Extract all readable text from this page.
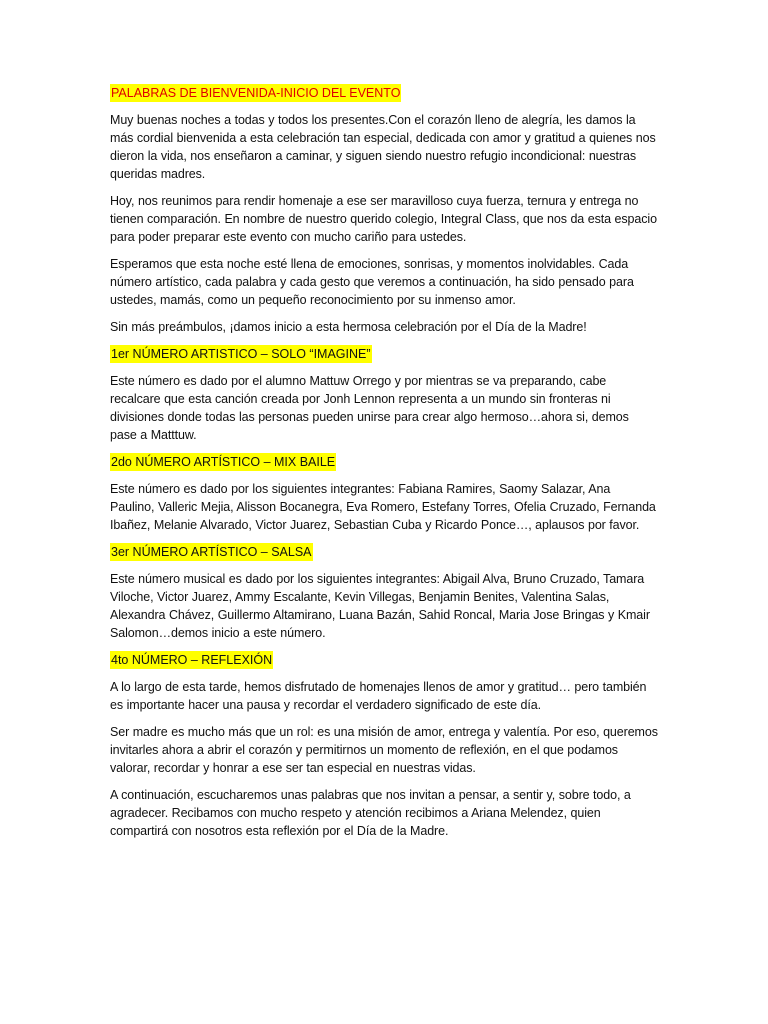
PALABRAS DE BIENVENIDA-INICIO DEL EVENTO

Muy buenas noches a todas y todos los presentes.Con el corazón lleno de alegría, les damos la más cordial bienvenida a esta celebración tan especial, dedicada con amor y gratitud a quienes nos dieron la vida, nos enseñaron a caminar, y siguen siendo nuestro refugio incondicional: nuestras queridas madres.

Hoy, nos reunimos para rendir homenaje a ese ser maravilloso cuya fuerza, ternura y entrega no tienen comparación. En nombre de nuestro querido colegio, Integral Class, que nos da esta espacio para poder preparar este evento con mucho cariño para ustedes.

Esperamos que esta noche esté llena de emociones, sonrisas, y momentos inolvidables. Cada número artístico, cada palabra y cada gesto que veremos a continuación, ha sido pensado para ustedes, mamás, como un pequeño reconocimiento por su inmenso amor.

Sin más preámbulos, ¡damos inicio a esta hermosa celebración por el Día de la Madre!

1er NÚMERO ARTISTICO – SOLO “IMAGINE”

Este número es dado por el alumno Mattuw Orrego y por mientras se va preparando, cabe recalcare que esta canción creada por Jonh Lennon representa a un mundo sin fronteras ni divisiones donde todas las personas pueden unirse para crear algo hermoso…ahora si, demos pase a Matttuw.

2do NÚMERO ARTÍSTICO – MIX BAILE

Este número es dado por los siguientes integrantes: Fabiana Ramires, Saomy Salazar, Ana Paulino, Valleric Mejia, Alisson Bocanegra, Eva Romero, Estefany Torres, Ofelia Cruzado, Fernanda Ibañez, Melanie Alvarado, Victor Juarez, Sebastian Cuba y Ricardo Ponce…, aplausos por favor.

3er NÚMERO ARTÍSTICO – SALSA

Este número musical es dado por los siguientes integrantes: Abigail Alva, Bruno Cruzado, Tamara Viloche, Victor Juarez, Ammy Escalante, Kevin Villegas, Benjamin Benites, Valentina Salas, Alexandra Chávez, Guillermo Altamirano, Luana Bazán, Sahid Roncal, Maria Jose Bringas y Kmair Salomon…demos inicio a este número.

4to NÚMERO – REFLEXIÓN

A lo largo de esta tarde, hemos disfrutado de homenajes llenos de amor y gratitud… pero también es importante hacer una pausa y recordar el verdadero significado de este día.

Ser madre es mucho más que un rol: es una misión de amor, entrega y valentía. Por eso, queremos invitarles ahora a abrir el corazón y permitirnos un momento de reflexión, en el que podamos valorar, recordar y honrar a ese ser tan especial en nuestras vidas.

A continuación, escucharemos unas palabras que nos invitan a pensar, a sentir y, sobre todo, a agradecer. Recibamos con mucho respeto y atención recibimos a Ariana Melendez, quien compartirá con nosotros esta reflexión por el Día de la Madre.
